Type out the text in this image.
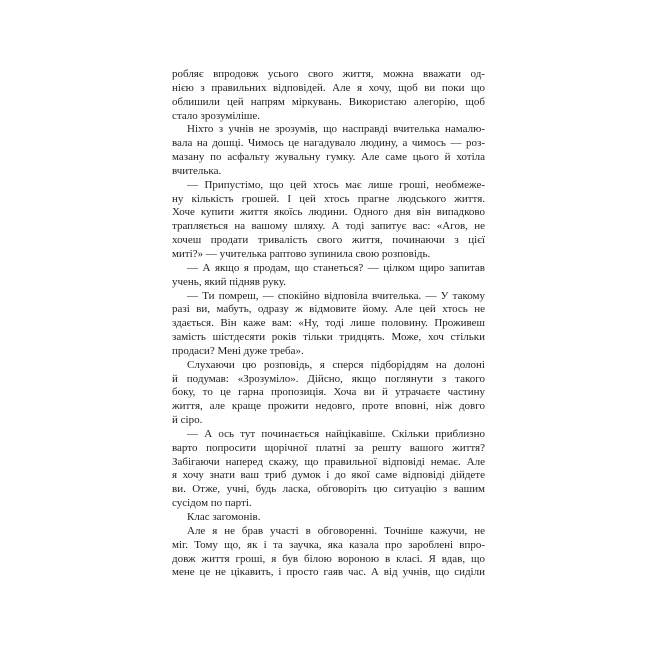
робляє впродовж усього свого життя, можна вважати од-
нією з правильних відповідей. Але я хочу, щоб ви поки що
облишили цей напрям міркувань. Використаю алегорію, щоб
стало зрозуміліше.
Ніхто з учнів не зрозумів, що насправді вчителька намалю-
вала на дошці. Чимось це нагадувало людину, а чимось — роз-
мазану по асфальту жувальну гумку. Але саме цього й хотіла
вчителька.
— Припустімо, що цей хтось має лише гроші, необмеже-
ну кількість грошей. І цей хтось прагне людського життя.
Хоче купити життя якоїсь людини. Одного дня він випадково
трапляється на вашому шляху. А тоді запитує вас: «Агов, не
хочеш продати тривалість свого життя, починаючи з цієї
миті?» — учителька раптово зупинила свою розповідь.
— А якщо я продам, що станеться? — цілком щиро запитав
учень, який підняв руку.
— Ти помреш, — спокійно відповіла вчителька. — У такому
разі ви, мабуть, одразу ж відмовите йому. Але цей хтось не
здається. Він каже вам: «Ну, тоді лише половину. Проживеш
замість шістдесяти років тільки тридцять. Може, хоч стільки
продаси? Мені дуже треба».
Слухаючи цю розповідь, я сперся підборіддям на долоні
й подумав: «Зрозуміло». Дійсно, якщо поглянути з такого
боку, то це гарна пропозиція. Хоча ви й утрачаєте частину
життя, але краще прожити недовго, проте вповні, ніж довго
й сіро.
— А ось тут починається найцікавіше. Скільки приблизно
варто попросити щорічної платні за решту вашого життя?
Забігаючи наперед скажу, що правильної відповіді немає. Але
я хочу знати ваш триб думок і до якої саме відповіді дійдете
ви. Отже, учні, будь ласка, обговоріть цю ситуацію з вашим
сусідом по парті.
Клас загомонів.
Але я не брав участі в обговоренні. Точніше кажучи, не
міг. Тому що, як і та заучка, яка казала про зароблені впро-
довж життя гроші, я був білою вороною в класі. Я вдав, що
мене це не цікавить, і просто гаяв час. А від учнів, що сиділи
